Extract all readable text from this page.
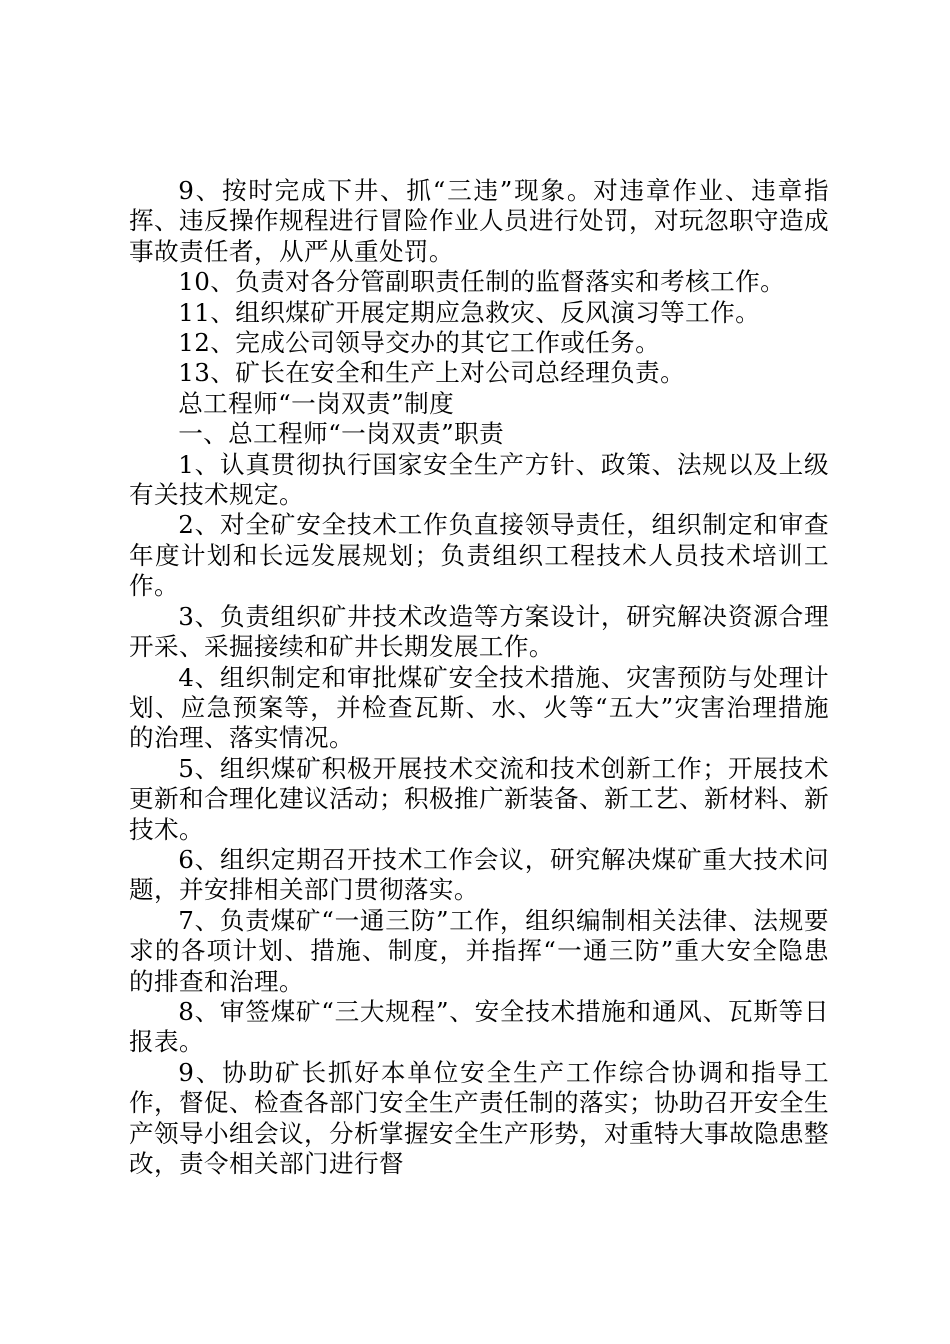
9、按时完成下井、抓“三违”现象。对违章作业、违章指挥、违反操作规程进行冒险作业人员进行处罚，对玩忽职守造成事故责任者，从严从重处罚。

10、负责对各分管副职责任制的监督落实和考核工作。

11、组织煤矿开展定期应急救灾、反风演习等工作。

12、完成公司领导交办的其它工作或任务。

13、矿长在安全和生产上对公司总经理负责。

总工程师“一岗双责”制度

一、总工程师“一岗双责”职责

1、认真贯彻执行国家安全生产方针、政策、法规以及上级有关技术规定。

2、对全矿安全技术工作负直接领导责任，组织制定和审查年度计划和长远发展规划；负责组织工程技术人员技术培训工作。

3、负责组织矿井技术改造等方案设计，研究解决资源合理开采、采掘接续和矿井长期发展工作。

4、组织制定和审批煤矿安全技术措施、灾害预防与处理计划、应急预案等，并检查瓦斯、水、火等“五大”灾害治理措施的治理、落实情况。

5、组织煤矿积极开展技术交流和技术创新工作；开展技术更新和合理化建议活动；积极推广新装备、新工艺、新材料、新技术。

6、组织定期召开技术工作会议，研究解决煤矿重大技术问题，并安排相关部门贯彻落实。

7、负责煤矿“一通三防”工作，组织编制相关法律、法规要求的各项计划、措施、制度，并指挥“一通三防”重大安全隐患的排查和治理。

8、审签煤矿“三大规程”、安全技术措施和通风、瓦斯等日报表。

9、协助矿长抓好本单位安全生产工作综合协调和指导工作，督促、检查各部门安全生产责任制的落实；协助召开安全生产领导小组会议，分析掌握安全生产形势，对重特大事故隐患整改，责令相关部门进行督
